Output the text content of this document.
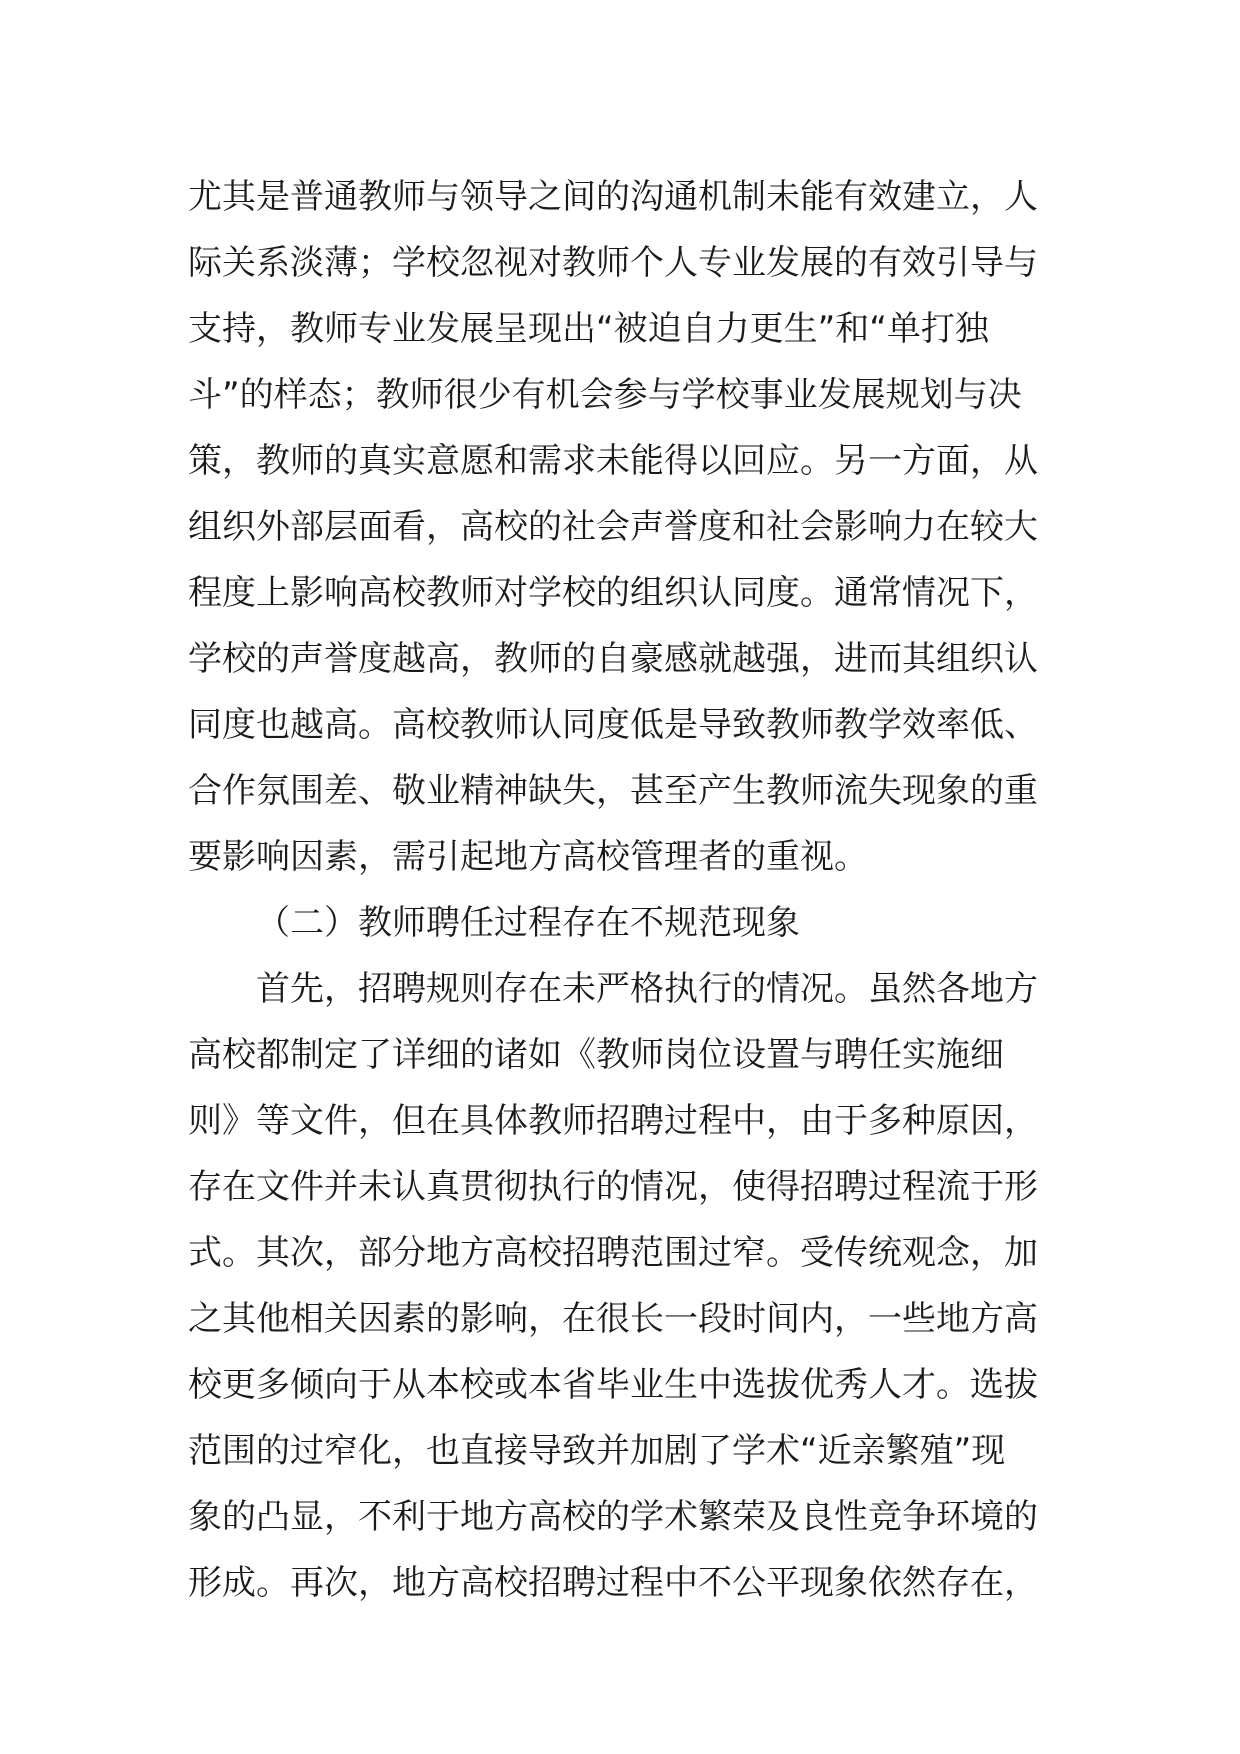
尤其是普通教师与领导之间的沟通机制未能有效建立，人
际关系淡薄；学校忽视对教师个人专业发展的有效引导与
支持，教师专业发展呈现出“被迫自力更生”和“单打独
斗”的样态；教师很少有机会参与学校事业发展规划与决
策，教师的真实意愿和需求未能得以回应。另一方面，从
组织外部层面看，高校的社会声誉度和社会影响力在较大
程度上影响高校教师对学校的组织认同度。通常情况下，
学校的声誉度越高，教师的自豪感就越强，进而其组织认
同度也越高。高校教师认同度低是导致教师教学效率低、
合作氛围差、敬业精神缺失，甚至产生教师流失现象的重
要影响因素，需引起地方高校管理者的重视。
（二）教师聘任过程存在不规范现象
首先，招聘规则存在未严格执行的情况。虽然各地方
高校都制定了详细的诸如《教师岗位设置与聘任实施细
则》等文件，但在具体教师招聘过程中，由于多种原因，
存在文件并未认真贯彻执行的情况，使得招聘过程流于形
式。其次，部分地方高校招聘范围过窄。受传统观念，加
之其他相关因素的影响，在很长一段时间内，一些地方高
校更多倾向于从本校或本省毕业生中选拔优秀人才。选拔
范围的过窄化，也直接导致并加剧了学术“近亲繁殖”现
象的凸显，不利于地方高校的学术繁荣及良性竞争环境的
形成。再次，地方高校招聘过程中不公平现象依然存在，
